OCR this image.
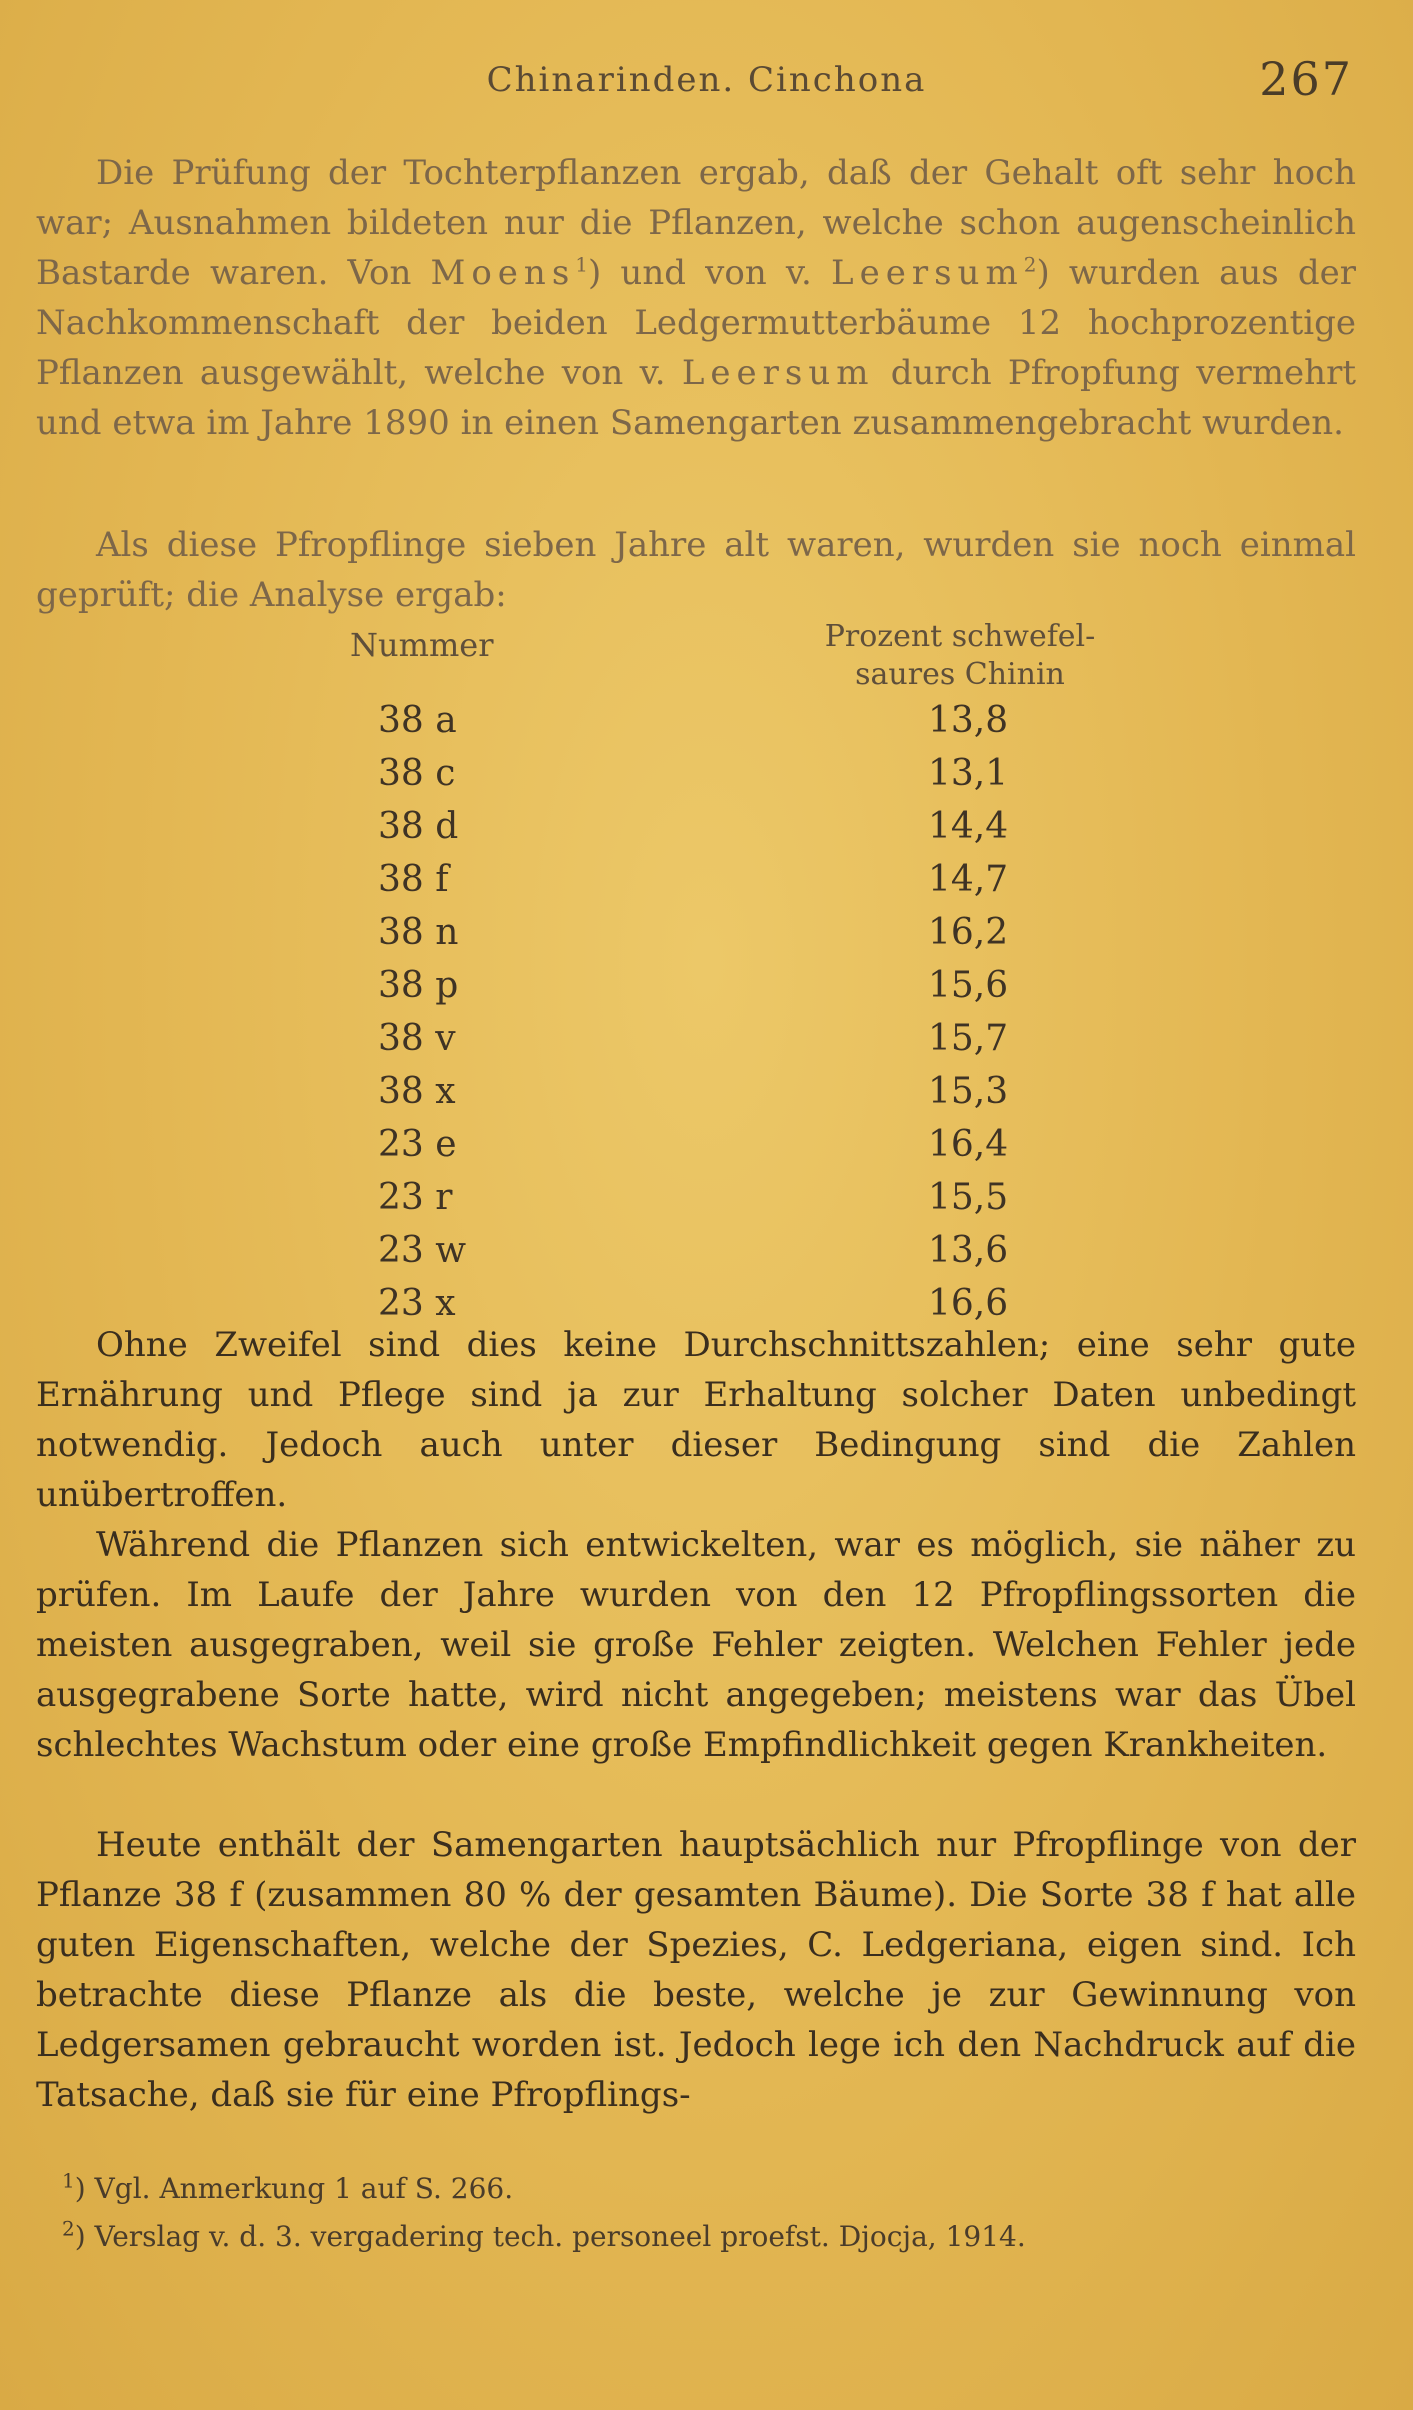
Chinarinden. Cinchona	267

Die Prüfung der Tochterpflanzen ergab, daß der Gehalt oft sehr hoch war; Ausnahmen bildeten nur die Pflanzen, welche schon augenscheinlich Bastarde waren. Von Moens$^1$) und von v. Leersum$^2$) wurden aus der Nachkommenschaft der beiden Ledgermutterbäume 12 hochprozentige Pflanzen ausgewählt, welche von v. Leersum durch Pfropfung vermehrt und etwa im Jahre 1890 in einen Samengarten zusammengebracht wurden.

Als diese Pfropflinge sieben Jahre alt waren, wurden sie noch einmal geprüft; die Analyse ergab:

Nummer	Prozent schwefel-
saures Chinin
38 a	13,8
38 c	13,1
38 d	14,4
38 f	14,7
38 n	16,2
38 p	15,6
38 v	15,7
38 x	15,3
23 e	16,4
23 r	15,5
23 w	13,6
23 x	16,6

Ohne Zweifel sind dies keine Durchschnittszahlen; eine sehr gute Ernährung und Pflege sind ja zur Erhaltung solcher Daten unbedingt notwendig. Jedoch auch unter dieser Bedingung sind die Zahlen unübertroffen.

Während die Pflanzen sich entwickelten, war es möglich, sie näher zu prüfen. Im Laufe der Jahre wurden von den 12 Pfropflingssorten die meisten ausgegraben, weil sie große Fehler zeigten. Welchen Fehler jede ausgegrabene Sorte hatte, wird nicht angegeben; meistens war das Übel schlechtes Wachstum oder eine große Empfindlichkeit gegen Krankheiten.

Heute enthält der Samengarten hauptsächlich nur Pfropflinge von der Pflanze 38 f (zusammen 80 % der gesamten Bäume). Die Sorte 38 f hat alle guten Eigenschaften, welche der Spezies, C. Ledgeriana, eigen sind. Ich betrachte diese Pflanze als die beste, welche je zur Gewinnung von Ledgersamen gebraucht worden ist. Jedoch lege ich den Nachdruck auf die Tatsache, daß sie für eine Pfropflings-

$^1$) Vgl. Anmerkung 1 auf S. 266.
$^2$) Verslag v. d. 3. vergadering tech. personeel proefst. Djocja, 1914.
